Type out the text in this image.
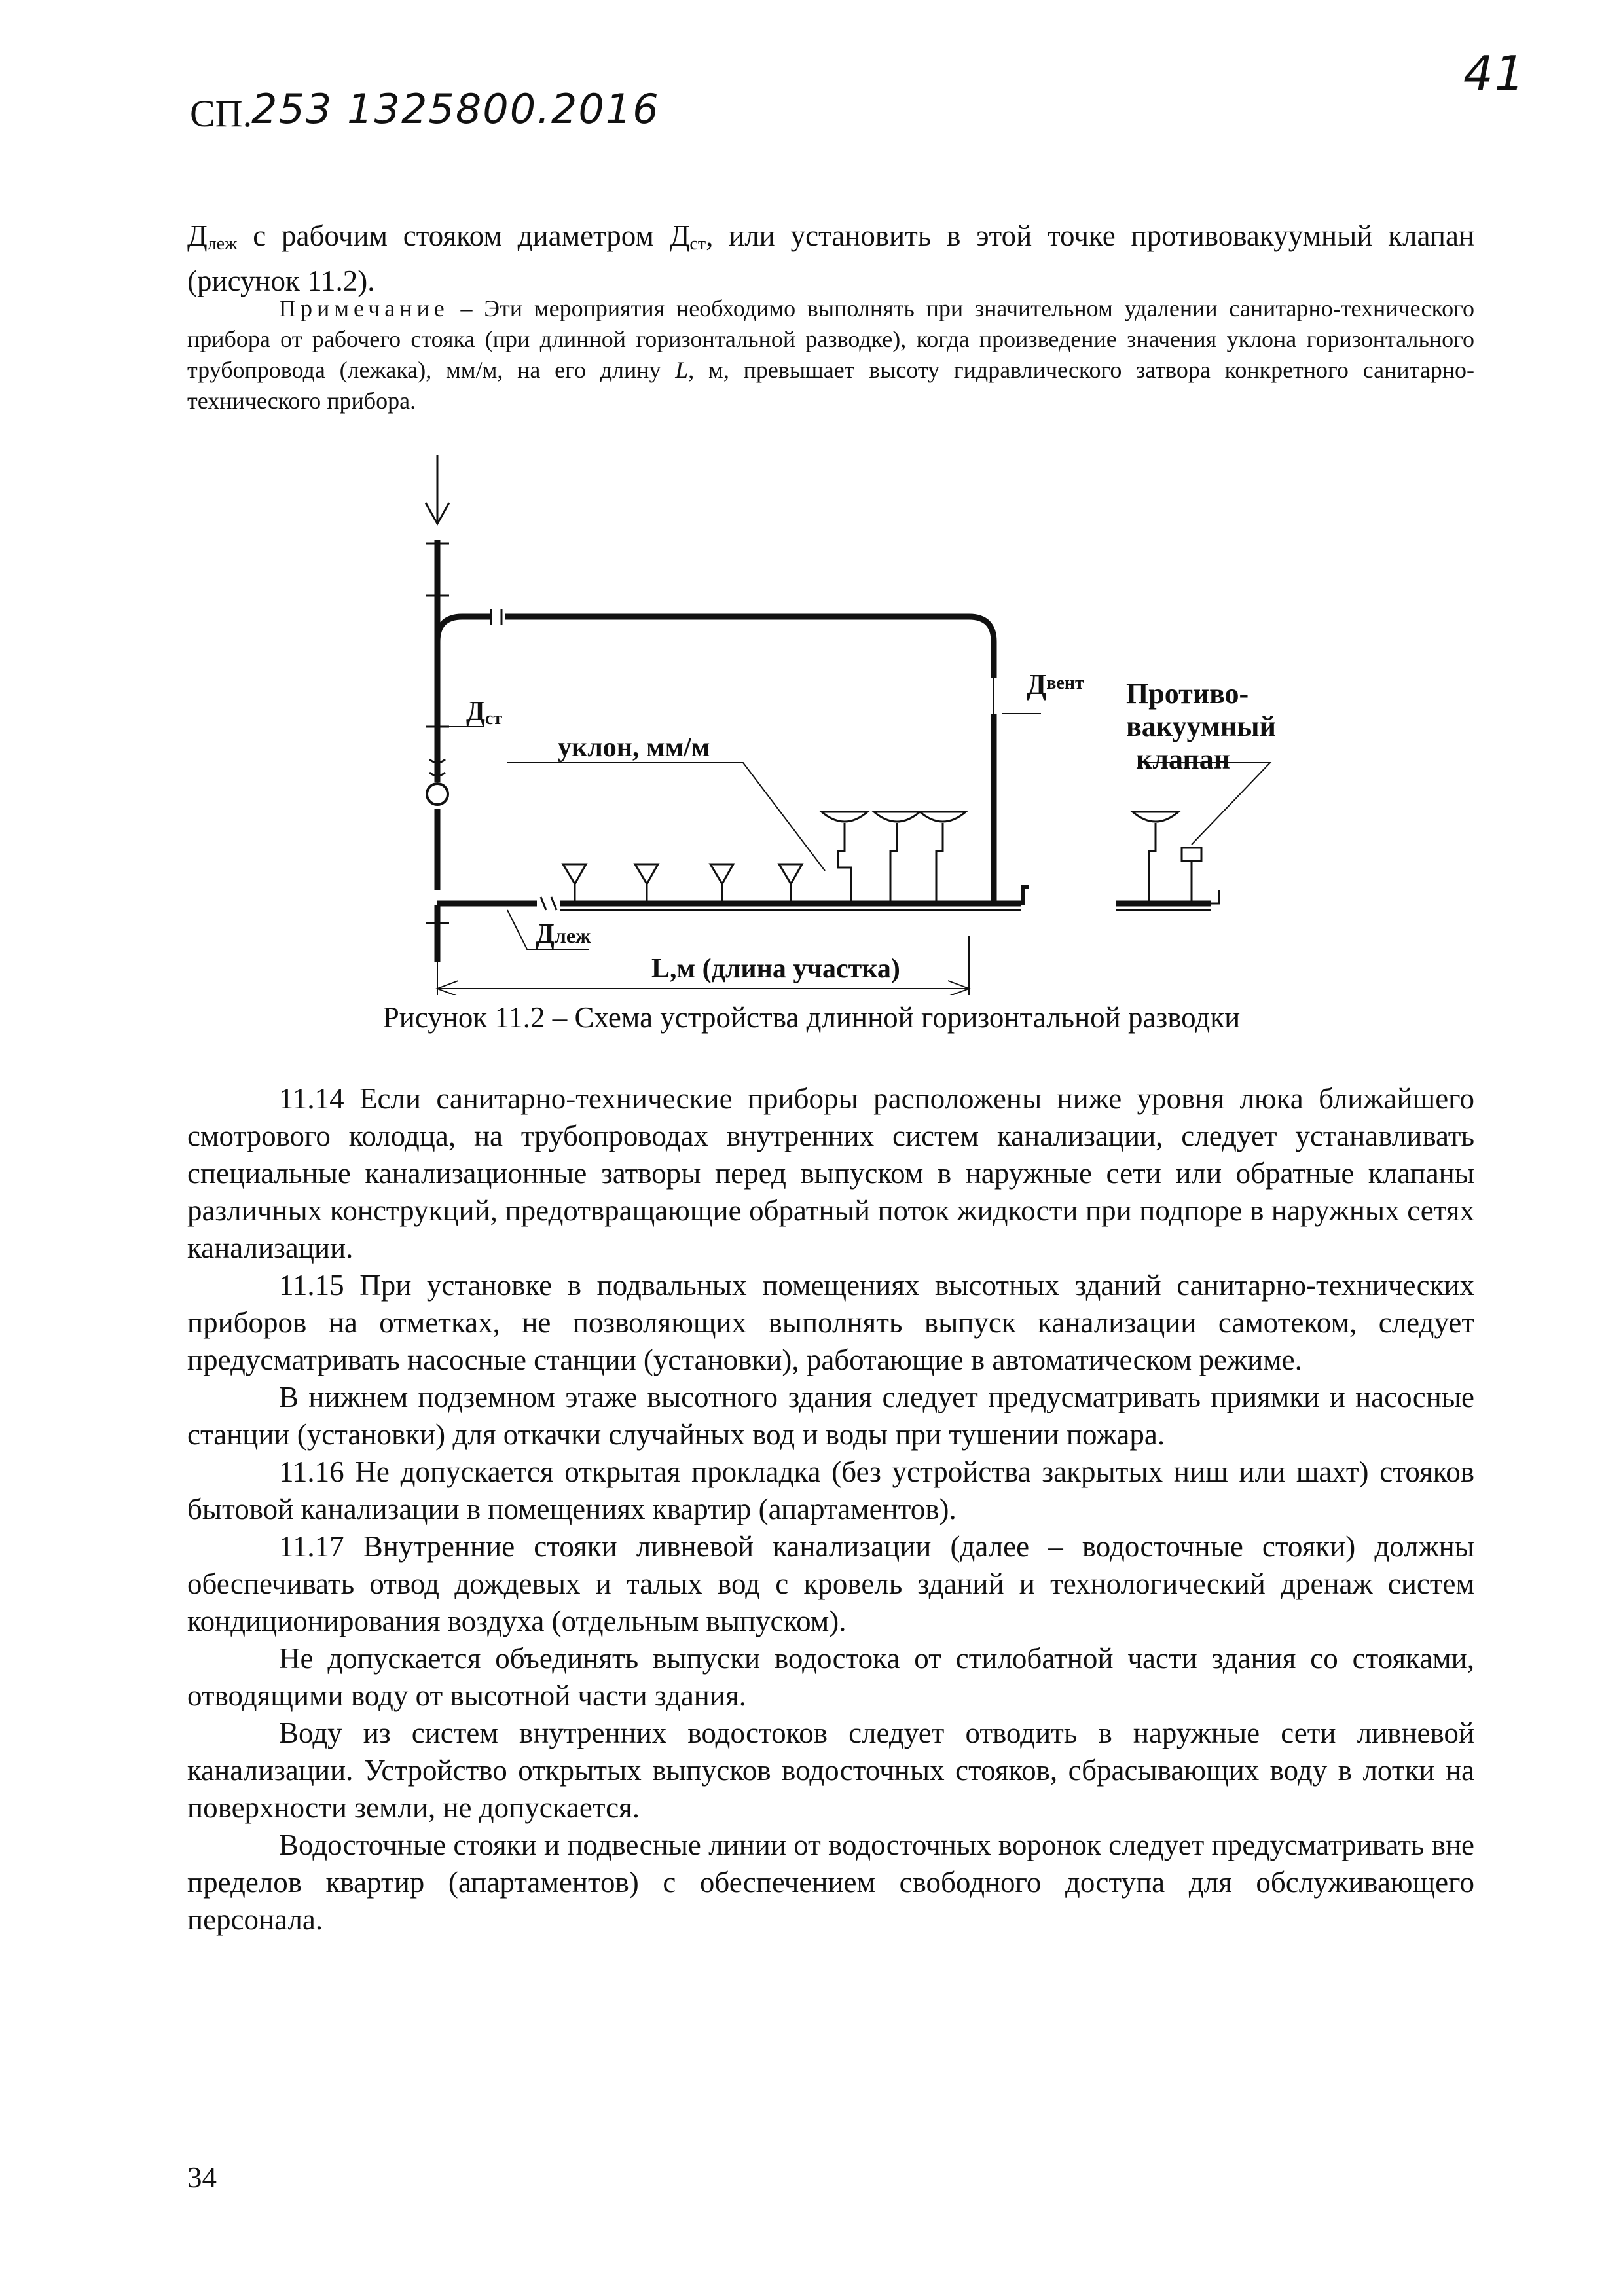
СП.
253 1325800.2016
41

$Д_{леж}$ с рабочим стояком диаметром $Д_{ст}$, или установить в этой точке противовакуумный клапан (рисунок 11.2).

Примечание – Эти мероприятия необходимо выполнять при значительном удалении санитарно-технического прибора от рабочего стояка (при длинной горизонтальной разводке), когда произведение значения уклона горизонтального трубопровода (лежака), мм/м, на его длину L, м, превышает высоту гидравлического затвора конкретного санитарно-технического прибора.
Дст
уклон, мм/м
Двент Противо-
вакуумный
клапан
Длеж
L,м (длина участка)
Рисунок 11.2 – Схема устройства длинной горизонтальной разводки

11.14 Если санитарно-технические приборы расположены ниже уровня люка ближайшего смотрового колодца, на трубопроводах внутренних систем канализации, следует устанавливать специальные канализационные затворы перед выпуском в наружные сети или обратные клапаны различных конструкций, предотвращающие обратный поток жидкости при подпоре в наружных сетях канализации.

11.15 При установке в подвальных помещениях высотных зданий санитарно-технических приборов на отметках, не позволяющих выполнять выпуск канализации самотеком, следует предусматривать насосные станции (установки), работающие в автоматическом режиме.

В нижнем подземном этаже высотного здания следует предусматривать приямки и насосные станции (установки) для откачки случайных вод и воды при тушении пожара.

11.16 Не допускается открытая прокладка (без устройства закрытых ниш или шахт) стояков бытовой канализации в помещениях квартир (апартаментов).

11.17 Внутренние стояки ливневой канализации (далее – водосточные стояки) должны обеспечивать отвод дождевых и талых вод с кровель зданий и технологический дренаж систем кондиционирования воздуха (отдельным выпуском).

Не допускается объединять выпуски водостока от стилобатной части здания со стояками, отводящими воду от высотной части здания.

Воду из систем внутренних водостоков следует отводить в наружные сети ливневой канализации. Устройство открытых выпусков водосточных стояков, сбрасывающих воду в лотки на поверхности земли, не допускается.

Водосточные стояки и подвесные линии от водосточных воронок следует предусматривать вне пределов квартир (апартаментов) с обеспечением свободного доступа для обслуживающего персонала.

34
